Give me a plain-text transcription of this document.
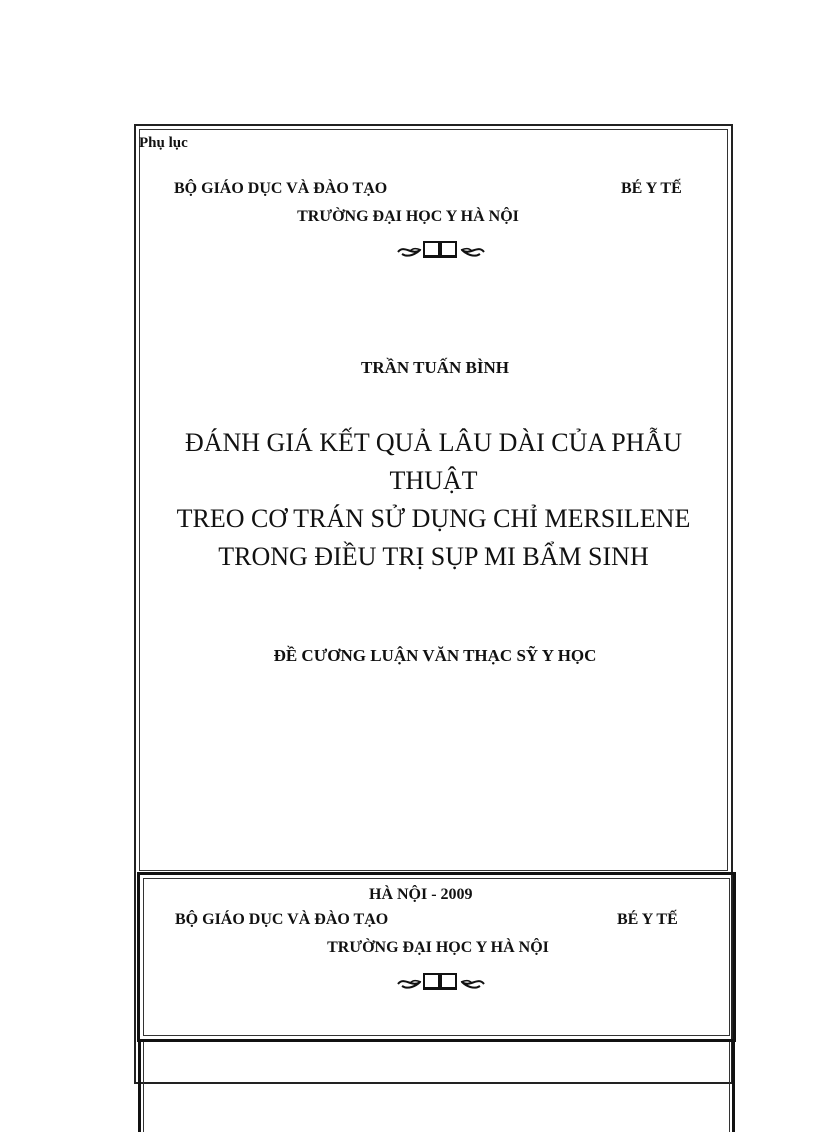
Phụ lục
BỘ GIÁO DỤC VÀ ĐÀO TẠO	BÉ Y TẾ
TRƯỜNG ĐẠI HỌC Y HÀ NỘI
TRẦN TUẤN BÌNH
ĐÁNH GIÁ KẾT QUẢ LÂU DÀI CỦA PHẪU
THUẬT
TREO CƠ TRÁN SỬ DỤNG CHỈ MERSILENE
TRONG ĐIỀU TRỊ SỤP MI BẨM SINH
ĐỀ CƯƠNG LUẬN VĂN THẠC SỸ Y HỌC
HÀ NỘI - 2009
BỘ GIÁO DỤC VÀ ĐÀO TẠO	BÉ Y TẾ
TRƯỜNG ĐẠI HỌC Y HÀ NỘI
